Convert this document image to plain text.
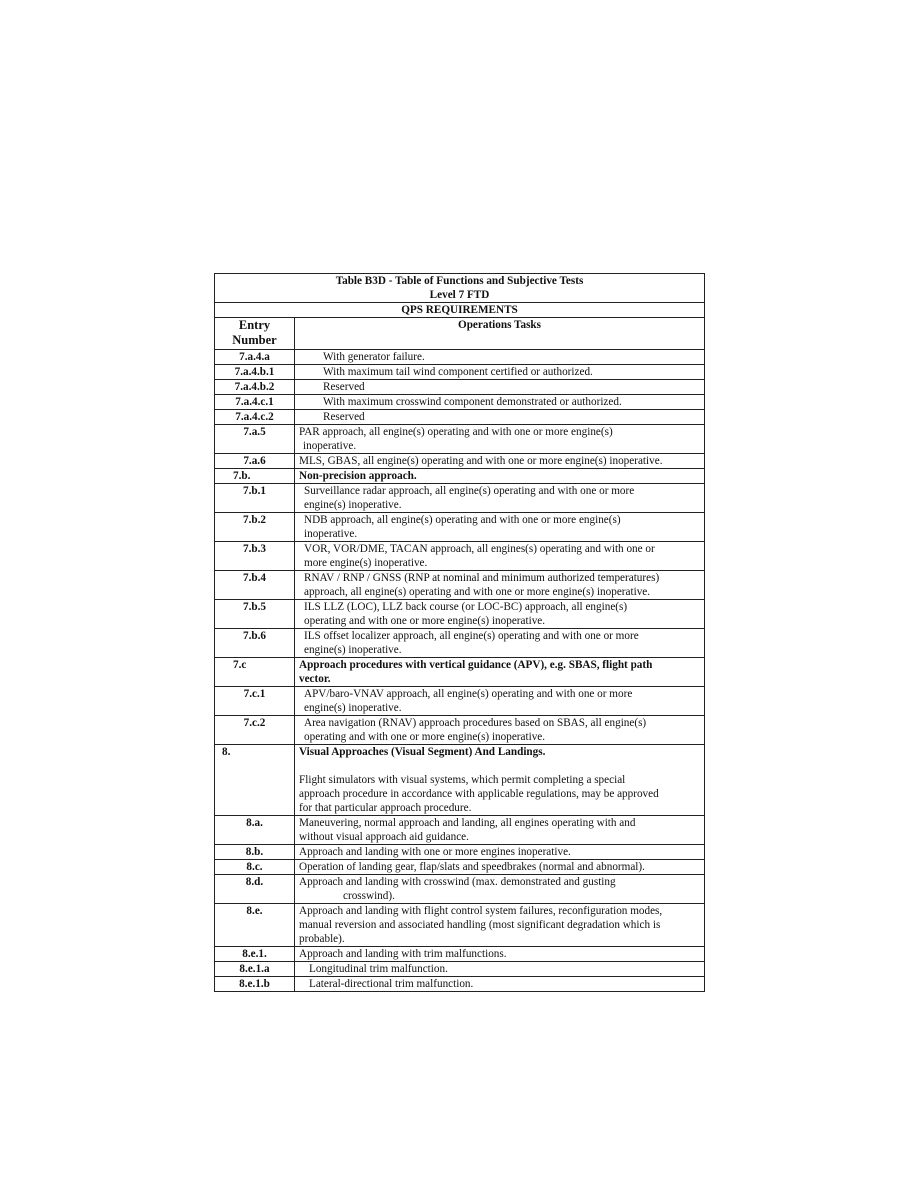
Table B3D - Table of Functions and Subjective Tests
Level 7 FTD	

QPS REQUIREMENTS	
Entry Number	Operations Tasks
7.a.4.a	With generator failure.
7.a.4.b.1	With maximum tail wind component certified or authorized.
7.a.4.b.2	Reserved
7.a.4.c.1	With maximum crosswind component demonstrated or authorized.
7.a.4.c.2	Reserved
7.a.5	PAR approach, all engine(s) operating and with one or more engine(s)
inoperative.

7.a.6	MLS, GBAS, all engine(s) operating and with one or more engine(s) inoperative.
7.b.	Non-precision approach.
7.b.1	Surveillance radar approach, all engine(s) operating and with one or more
engine(s) inoperative.

7.b.2	NDB approach, all engine(s) operating and with one or more engine(s)
inoperative.

7.b.3	VOR, VOR/DME, TACAN approach, all engines(s) operating and with one or
more engine(s) inoperative.

7.b.4	RNAV / RNP / GNSS (RNP at nominal and minimum authorized temperatures)
approach, all engine(s) operating and with one or more engine(s) inoperative.

7.b.5	ILS LLZ (LOC), LLZ back course (or LOC-BC) approach, all engine(s)
operating and with one or more engine(s) inoperative.

7.b.6	ILS offset localizer approach, all engine(s) operating and with one or more
engine(s) inoperative.

7.c	Approach procedures with vertical guidance (APV), e.g. SBAS, flight path
vector.

7.c.1	APV/baro-VNAV approach, all engine(s) operating and with one or more
engine(s) inoperative.

7.c.2	Area navigation (RNAV) approach procedures based on SBAS, all engine(s)
operating and with one or more engine(s) inoperative.

8.	Visual Approaches (Visual Segment) And Landings.
Flight simulators with visual systems, which permit completing a special
approach procedure in accordance with applicable regulations, may be approved
for that particular approach procedure.

8.a.	Maneuvering, normal approach and landing, all engines operating with and
without visual approach aid guidance.

8.b.	Approach and landing with one or more engines inoperative.
8.c.	Operation of landing gear, flap/slats and speedbrakes (normal and abnormal).
8.d.	Approach and landing with crosswind (max. demonstrated and gusting
crosswind).

8.e.	Approach and landing with flight control system failures, reconfiguration modes,
manual reversion and associated handling (most significant degradation which is
probable).

8.e.1.	Approach and landing with trim malfunctions.
8.e.1.a	Longitudinal trim malfunction.
8.e.1.b	Lateral-directional trim malfunction.
